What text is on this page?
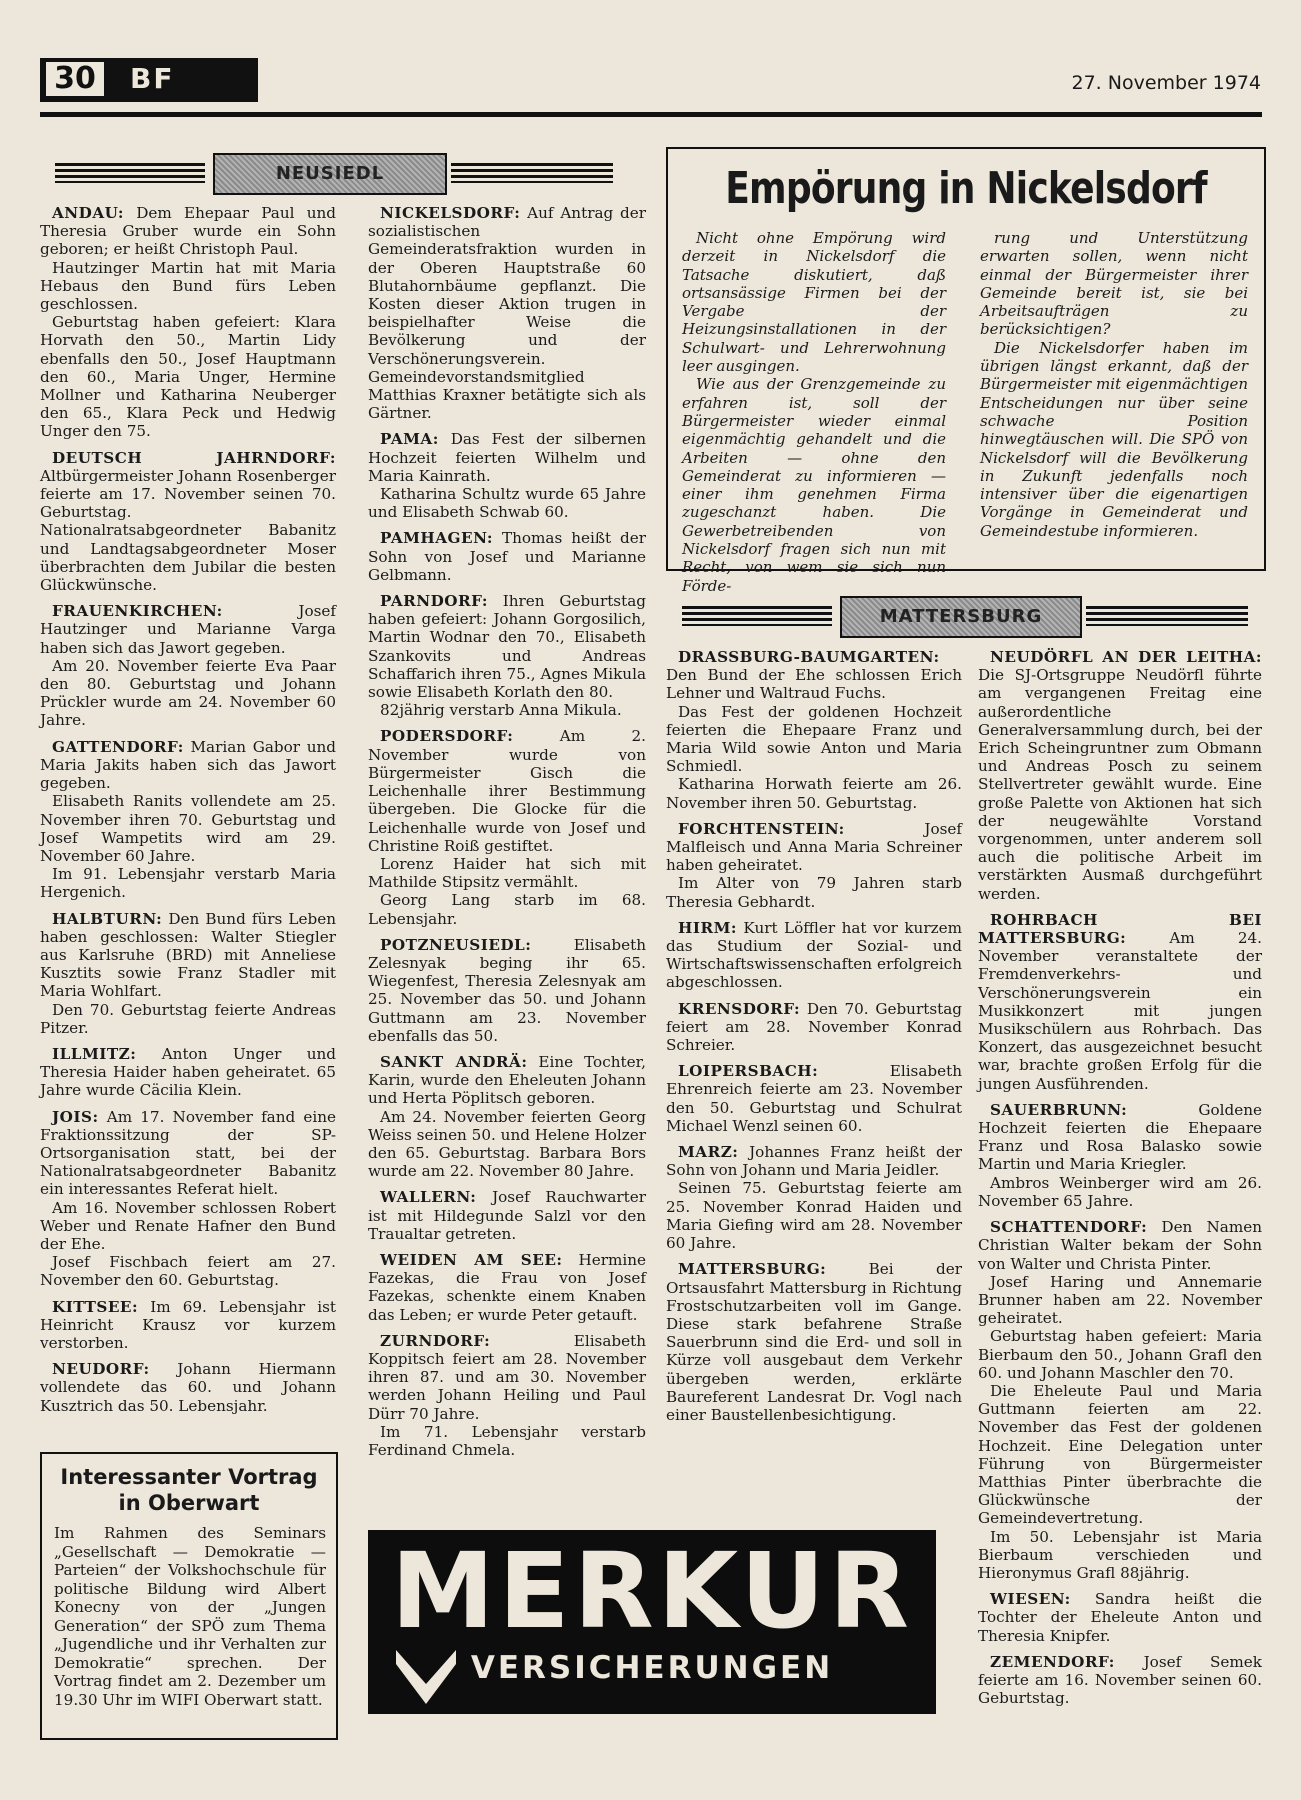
30 BF	27. November 1974
NEUSIEDL

ANDAU: Dem Ehepaar Paul und Theresia Gruber wurde ein Sohn geboren; er heißt Christoph Paul.

Hautzinger Martin hat mit Maria Hebaus den Bund fürs Leben geschlossen.

Geburtstag haben gefeiert: Klara Horvath den 50., Martin Lidy ebenfalls den 50., Josef Hauptmann den 60., Maria Unger, Hermine Mollner und Katharina Neuberger den 65., Klara Peck und Hedwig Unger den 75.

DEUTSCH JAHRNDORF: Altbürgermeister Johann Rosenberger feierte am 17. November seinen 70. Geburtstag. Nationalratsabgeordneter Babanitz und Landtagsabgeordneter Moser überbrachten dem Jubilar die besten Glückwünsche.

FRAUENKIRCHEN: Josef Hautzinger und Marianne Varga haben sich das Jawort gegeben.

Am 20. November feierte Eva Paar den 80. Geburtstag und Johann Prückler wurde am 24. November 60 Jahre.

GATTENDORF: Marian Gabor und Maria Jakits haben sich das Jawort gegeben.

Elisabeth Ranits vollendete am 25. November ihren 70. Geburtstag und Josef Wampetits wird am 29. November 60 Jahre.

Im 91. Lebensjahr verstarb Maria Hergenich.

HALBTURN: Den Bund fürs Leben haben geschlossen: Walter Stiegler aus Karlsruhe (BRD) mit Anneliese Kusztits sowie Franz Stadler mit Maria Wohlfart.

Den 70. Geburtstag feierte Andreas Pitzer.

ILLMITZ: Anton Unger und Theresia Haider haben geheiratet. 65 Jahre wurde Cäcilia Klein.

JOIS: Am 17. November fand eine Fraktionssitzung der SP-Ortsorganisation statt, bei der Nationalratsabgeordneter Babanitz ein interessantes Referat hielt.

Am 16. November schlossen Robert Weber und Renate Hafner den Bund der Ehe.

Josef Fischbach feiert am 27. November den 60. Geburtstag.

KITTSEE: Im 69. Lebensjahr ist Heinricht Krausz vor kurzem verstorben.

NEUDORF: Johann Hiermann vollendete das 60. und Johann Kusztrich das 50. Lebensjahr.

NICKELSDORF: Auf Antrag der sozialistischen Gemeinderatsfraktion wurden in der Oberen Hauptstraße 60 Blutahornbäume gepflanzt. Die Kosten dieser Aktion trugen in beispielhafter Weise die Bevölkerung und der Verschönerungsverein. Gemeindevorstandsmitglied Matthias Kraxner betätigte sich als Gärtner.

PAMA: Das Fest der silbernen Hochzeit feierten Wilhelm und Maria Kainrath.

Katharina Schultz wurde 65 Jahre und Elisabeth Schwab 60.

PAMHAGEN: Thomas heißt der Sohn von Josef und Marianne Gelbmann.

PARNDORF: Ihren Geburtstag haben gefeiert: Johann Gorgosilich, Martin Wodnar den 70., Elisabeth Szankovits und Andreas Schaffarich ihren 75., Agnes Mikula sowie Elisabeth Korlath den 80.

82jährig verstarb Anna Mikula.

PODERSDORF: Am 2. November wurde von Bürgermeister Gisch die Leichenhalle ihrer Bestimmung übergeben. Die Glocke für die Leichenhalle wurde von Josef und Christine Roiß gestiftet.

Lorenz Haider hat sich mit Mathilde Stipsitz vermählt.

Georg Lang starb im 68. Lebensjahr.

POTZNEUSIEDL: Elisabeth Zelesnyak beging ihr 65. Wiegenfest, Theresia Zelesnyak am 25. November das 50. und Johann Guttmann am 23. November ebenfalls das 50.

SANKT ANDRÄ: Eine Tochter, Karin, wurde den Eheleuten Johann und Herta Pöplitsch geboren.

Am 24. November feierten Georg Weiss seinen 50. und Helene Holzer den 65. Geburtstag. Barbara Bors wurde am 22. November 80 Jahre.

WALLERN: Josef Rauchwarter ist mit Hildegunde Salzl vor den Traualtar getreten.

WEIDEN AM SEE: Hermine Fazekas, die Frau von Josef Fazekas, schenkte einem Knaben das Leben; er wurde Peter getauft.

ZURNDORF: Elisabeth Koppitsch feiert am 28. November ihren 87. und am 30. November werden Johann Heiling und Paul Dürr 70 Jahre.

Im 71. Lebensjahr verstarb Ferdinand Chmela.

Empörung in Nickelsdorf

Nicht ohne Empörung wird derzeit in Nickelsdorf die Tatsache diskutiert, daß ortsansässige Firmen bei der Vergabe der Heizungsinstallationen in der Schulwart- und Lehrerwohnung leer ausgingen.

Wie aus der Grenzgemeinde zu erfahren ist, soll der Bürgermeister wieder einmal eigenmächtig gehandelt und die Arbeiten — ohne den Gemeinderat zu informieren — einer ihm genehmen Firma zugeschanzt haben. Die Gewerbetreibenden von Nickelsdorf fragen sich nun mit Recht, von wem sie sich nun Förde-

rung und Unterstützung erwarten sollen, wenn nicht einmal der Bürgermeister ihrer Gemeinde bereit ist, sie bei Arbeitsaufträgen zu berücksichtigen?

Die Nickelsdorfer haben im übrigen längst erkannt, daß der Bürgermeister mit eigenmächtigen Entscheidungen nur über seine schwache Position hinwegtäuschen will. Die SPÖ von Nickelsdorf will die Bevölkerung in Zukunft jedenfalls noch intensiver über die eigenartigen Vorgänge in Gemeinderat und Gemeindestube informieren.

MATTERSBURG

DRASSBURG-BAUMGARTEN: Den Bund der Ehe schlossen Erich Lehner und Waltraud Fuchs.

Das Fest der goldenen Hochzeit feierten die Ehepaare Franz und Maria Wild sowie Anton und Maria Schmiedl.

Katharina Horwath feierte am 26. November ihren 50. Geburtstag.

FORCHTENSTEIN: Josef Malfleisch und Anna Maria Schreiner haben geheiratet.

Im Alter von 79 Jahren starb Theresia Gebhardt.

HIRM: Kurt Löffler hat vor kurzem das Studium der Sozial- und Wirtschaftswissenschaften erfolgreich abgeschlossen.

KRENSDORF: Den 70. Geburtstag feiert am 28. November Konrad Schreier.

LOIPERSBACH: Elisabeth Ehrenreich feierte am 23. November den 50. Geburtstag und Schulrat Michael Wenzl seinen 60.

MARZ: Johannes Franz heißt der Sohn von Johann und Maria Jeidler.

Seinen 75. Geburtstag feierte am 25. November Konrad Haiden und Maria Giefing wird am 28. November 60 Jahre.

MATTERSBURG: Bei der Ortsausfahrt Mattersburg in Richtung Frostschutzarbeiten voll im Gange. Diese stark befahrene Straße Sauerbrunn sind die Erd- und soll in Kürze voll ausgebaut dem Verkehr übergeben werden, erklärte Baureferent Landesrat Dr. Vogl nach einer Baustellenbesichtigung.

NEUDÖRFL AN DER LEITHA: Die SJ-Ortsgruppe Neudörfl führte am vergangenen Freitag eine außerordentliche Generalversammlung durch, bei der Erich Scheingruntner zum Obmann und Andreas Posch zu seinem Stellvertreter gewählt wurde. Eine große Palette von Aktionen hat sich der neugewählte Vorstand vorgenommen, unter anderem soll auch die politische Arbeit im verstärkten Ausmaß durchgeführt werden.

ROHRBACH BEI MATTERSBURG: Am 24. November veranstaltete der Fremdenverkehrs- und Verschönerungsverein ein Musikkonzert mit jungen Musikschülern aus Rohrbach. Das Konzert, das ausgezeichnet besucht war, brachte großen Erfolg für die jungen Ausführenden.

SAUERBRUNN: Goldene Hochzeit feierten die Ehepaare Franz und Rosa Balasko sowie Martin und Maria Kriegler.

Ambros Weinberger wird am 26. November 65 Jahre.

SCHATTENDORF: Den Namen Christian Walter bekam der Sohn von Walter und Christa Pinter.

Josef Haring und Annemarie Brunner haben am 22. November geheiratet.

Geburtstag haben gefeiert: Maria Bierbaum den 50., Johann Grafl den 60. und Johann Maschler den 70.

Die Eheleute Paul und Maria Guttmann feierten am 22. November das Fest der goldenen Hochzeit. Eine Delegation unter Führung von Bürgermeister Matthias Pinter überbrachte die Glückwünsche der Gemeindevertretung.

Im 50. Lebensjahr ist Maria Bierbaum verschieden und Hieronymus Grafl 88jährig.

WIESEN: Sandra heißt die Tochter der Eheleute Anton und Theresia Knipfer.

ZEMENDORF: Josef Semek feierte am 16. November seinen 60. Geburtstag.

Interessanter Vortrag
in Oberwart
Im Rahmen des Seminars „Gesellschaft — Demokratie — Parteien“ der Volkshochschule für politische Bildung wird Albert Konecny von der „Jungen Generation“ der SPÖ zum Thema „Jugendliche und ihr Verhalten zur Demokratie“ sprechen. Der Vortrag findet am 2. Dezember um 19.30 Uhr im WIFI Oberwart statt.
MERKUR
VERSICHERUNGEN
